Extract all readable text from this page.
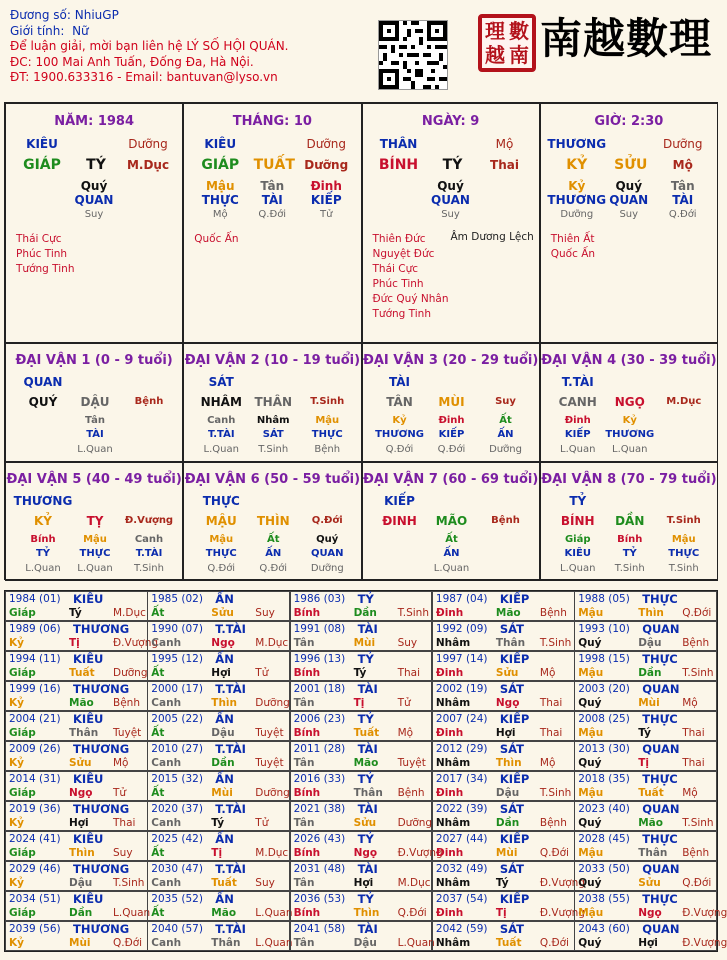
Đương số: NhiuGP
Giới tính: Nữ
Để luận giải, mời bạn liên hệ LÝ SỐ HỘI QUÁN.
ĐC: 100 Mai Anh Tuấn, Đống Đa, Hà Nội.
ĐT: 1900.633316 - Email: bantuvan@lyso.vn
理 數
越 南 南越數理
NĂM: 1984
KIÊU	Dưỡng
GIÁP	TÝ	M.Dục
Quý
QUAN
Suy
Thái Cực
Phúc Tinh
Tướng Tinh
THÁNG: 10
KIÊU	Dưỡng
GIÁP	TUẤT Dưỡng
Mậu
THỰC
Mộ
Tân
TÀI
Q.Đới
Đinh
KIẾP
Tử
Quốc Ấn
NGÀY: 9
THÂN	Mộ
BÍNH	TÝ	Thai
Quý
QUAN
Suy
Thiên Đức
Nguyệt Đức
Thái Cực
Phúc Tinh
Đức Quý Nhân
Tướng Tinh
Âm Dương Lệch
GIỜ: 2:30
THƯƠNG	Dưỡng
KỶ	SỬU	Mộ
Kỷ
THƯƠNG
Dưỡng
Quý
QUAN
Suy
Tân
TÀI
Q.Đới
Thiên Ất
Quốc Ấn
ĐẠI VẬN 1 (0 - 9 tuổi)
QUAN
QUÝ	DẬU	Bệnh
Tân
TÀI
L.Quan
ĐẠI VẬN 2 (10 - 19 tuổi)
SÁT
NHÂM	THÂN	T.Sinh
Canh
T.TÀI
L.Quan
Nhâm
SÁT
T.Sinh
Mậu
THỰC
Bệnh
ĐẠI VẬN 3 (20 - 29 tuổi)
TÀI
TÂN	MÙI	Suy
Kỷ
THƯƠNG
Q.Đới
Đinh
KIẾP
Q.Đới
Ất
ẤN
Dưỡng
ĐẠI VẬN 4 (30 - 39 tuổi)
T.TÀI
CANH	NGỌ	M.Dục
Đinh
KIẾP
L.Quan
Kỷ
THƯƠNG
L.Quan
ĐẠI VẬN 5 (40 - 49 tuổi)
THƯƠNG
KỶ	TỴ	Đ.Vượng
Bính
TỶ
L.Quan
Mậu
THỰC
L.Quan
Canh
T.TÀI
T.Sinh
ĐẠI VẬN 6 (50 - 59 tuổi)
THỰC
MẬU	THÌN	Q.Đới
Mậu
THỰC
Q.Đới
Ất
ẤN
Q.Đới
Quý
QUAN
Dưỡng
ĐẠI VẬN 7 (60 - 69 tuổi)
KIẾP
ĐINH	MÃO	Bệnh
Ất
ẤN
L.Quan
ĐẠI VẬN 8 (70 - 79 tuổi)
TỶ
BÍNH	DẦN	T.Sinh
Giáp
KIÊU
L.Quan
Bính
TỶ
T.Sinh
Mậu
THỰC
T.Sinh
1984 (01) KIÊU
Giáp	Tý	M.Dục
1985 (02) ẤN
Ất	Sửu Suy
1986 (03) TỶ
Bính	Dần T.Sinh
1987 (04) KIẾP
Đinh	Mão Bệnh
1988 (05) THỰC
Mậu	Thìn Q.Đới
1989 (06) THƯƠNG
Kỷ	Tị	Đ.Vượng
1990 (07) T.TÀI
Canh	Ngọ M.Dục
1991 (08) TÀI
Tân	Mùi Suy
1992 (09) SÁT
Nhâm Thân T.Sinh
1993 (10) QUAN
Quý	Dậu Bệnh
1994 (11) KIÊU
Giáp	Tuất Dưỡng
1995 (12) ẤN
Ất	Hợi Tử
1996 (13) TỶ
Bính	Tý	Thai
1997 (14) KIẾP
Đinh	Sửu Mộ
1998 (15) THỰC
Mậu	Dần T.Sinh
1999 (16) THƯƠNG
Kỷ	Mão Bệnh
2000 (17) T.TÀI
Canh	Thìn Dưỡng
2001 (18) TÀI
Tân	Tị	Tử
2002 (19) SÁT
Nhâm Ngọ Thai
2003 (20) QUAN
Quý	Mùi Mộ
2004 (21) KIÊU
Giáp	Thân Tuyệt
2005 (22) ẤN
Ất	Dậu Tuyệt
2006 (23) TỶ
Bính	Tuất Mộ
2007 (24) KIẾP
Đinh	Hợi Thai
2008 (25) THỰC
Mậu	Tý	Thai
2009 (26) THƯƠNG
Kỷ	Sửu Mộ
2010 (27) T.TÀI
Canh	Dần Tuyệt
2011 (28) TÀI
Tân	Mão Tuyệt
2012 (29) SÁT
Nhâm Thìn Mộ
2013 (30) QUAN
Quý	Tị	Thai
2014 (31) KIÊU
Giáp	Ngọ Tử
2015 (32) ẤN
Ất	Mùi Dưỡng
2016 (33) TỶ
Bính	Thân Bệnh
2017 (34) KIẾP
Đinh	Dậu T.Sinh
2018 (35) THỰC
Mậu	Tuất Mộ
2019 (36) THƯƠNG
Kỷ	Hợi Thai
2020 (37) T.TÀI
Canh	Tý	Tử
2021 (38) TÀI
Tân	Sửu Dưỡng
2022 (39) SÁT
Nhâm Dần Bệnh
2023 (40) QUAN
Quý	Mão T.Sinh
2024 (41) KIÊU
Giáp	Thìn Suy
2025 (42) ẤN
Ất	Tị	M.Dục
2026 (43) TỶ
Bính	Ngọ Đ.Vượng
2027 (44) KIẾP
Đinh	Mùi Q.Đới
2028 (45) THỰC
Mậu	Thân Bệnh
2029 (46) THƯƠNG
Kỷ	Dậu T.Sinh
2030 (47) T.TÀI
Canh	Tuất Suy
2031 (48) TÀI
Tân	Hợi M.Dục
2032 (49) SÁT
Nhâm Tý	Đ.Vượng
2033 (50) QUAN
Quý	Sửu Q.Đới
2034 (51) KIÊU
Giáp	Dần L.Quan
2035 (52) ẤN
Ất	Mão L.Quan
2036 (53) TỶ
Bính	Thìn Q.Đới
2037 (54) KIẾP
Đinh	Tị	Đ.Vượng
2038 (55) THỰC
Mậu	Ngọ Đ.Vượng
2039 (56) THƯƠNG
Kỷ	Mùi Q.Đới
2040 (57) T.TÀI
Canh	Thân L.Quan
2041 (58) TÀI
Tân	Dậu L.Quan
2042 (59) SÁT
Nhâm Tuất Q.Đới
2043 (60) QUAN
Quý	Hợi Đ.Vượng
